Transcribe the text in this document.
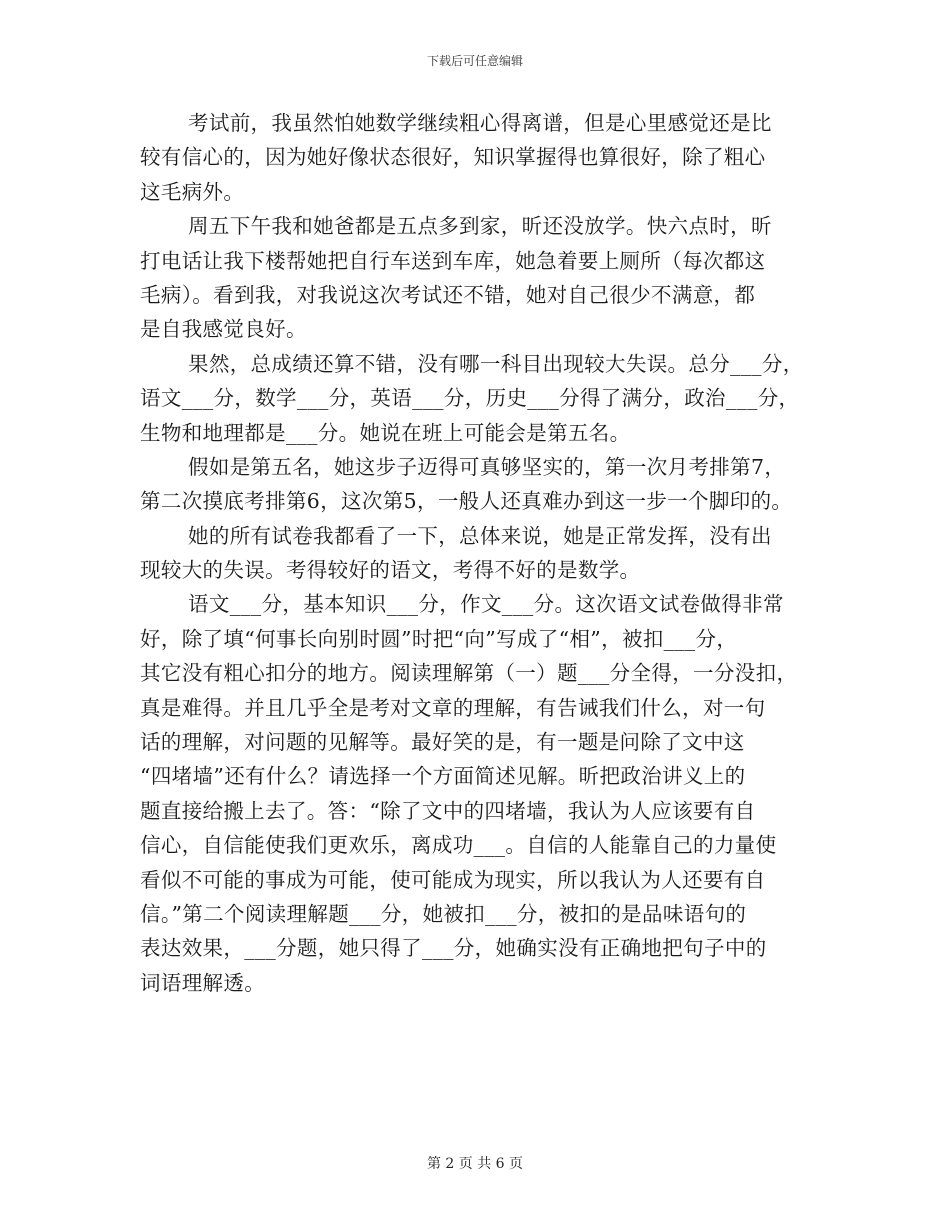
下载后可任意编辑
考试前，我虽然怕她数学继续粗心得离谱，但是心里感觉还是比
较有信心的，因为她好像状态很好，知识掌握得也算很好，除了粗心
这毛病外。
周五下午我和她爸都是五点多到家，昕还没放学。快六点时，昕
打电话让我下楼帮她把自行车送到车库，她急着要上厕所（每次都这
毛病）。看到我，对我说这次考试还不错，她对自己很少不满意，都
是自我感觉良好。
果然，总成绩还算不错，没有哪一科目出现较大失误。总分___分，
语文___分，数学___分，英语___分，历史___分得了满分，政治___分，
生物和地理都是___分。她说在班上可能会是第五名。
假如是第五名，她这步子迈得可真够坚实的，第一次月考排第7，
第二次摸底考排第6，这次第5，一般人还真难办到这一步一个脚印的。
她的所有试卷我都看了一下，总体来说，她是正常发挥，没有出
现较大的失误。考得较好的语文，考得不好的是数学。
语文___分，基本知识___分，作文___分。这次语文试卷做得非常
好，除了填“何事长向别时圆”时把“向”写成了“相”，被扣___分，
其它没有粗心扣分的地方。阅读理解第（一）题___分全得，一分没扣，
真是难得。并且几乎全是考对文章的理解，有告诫我们什么，对一句
话的理解，对问题的见解等。最好笑的是，有一题是问除了文中这
“四堵墙”还有什么？请选择一个方面简述见解。昕把政治讲义上的
题直接给搬上去了。答：“除了文中的四堵墙，我认为人应该要有自
信心，自信能使我们更欢乐，离成功___。自信的人能靠自己的力量使
看似不可能的事成为可能，使可能成为现实，所以我认为人还要有自
信。”第二个阅读理解题___分，她被扣___分，被扣的是品味语句的
表达效果，___分题，她只得了___分，她确实没有正确地把句子中的
词语理解透。
第 2 页 共 6 页
